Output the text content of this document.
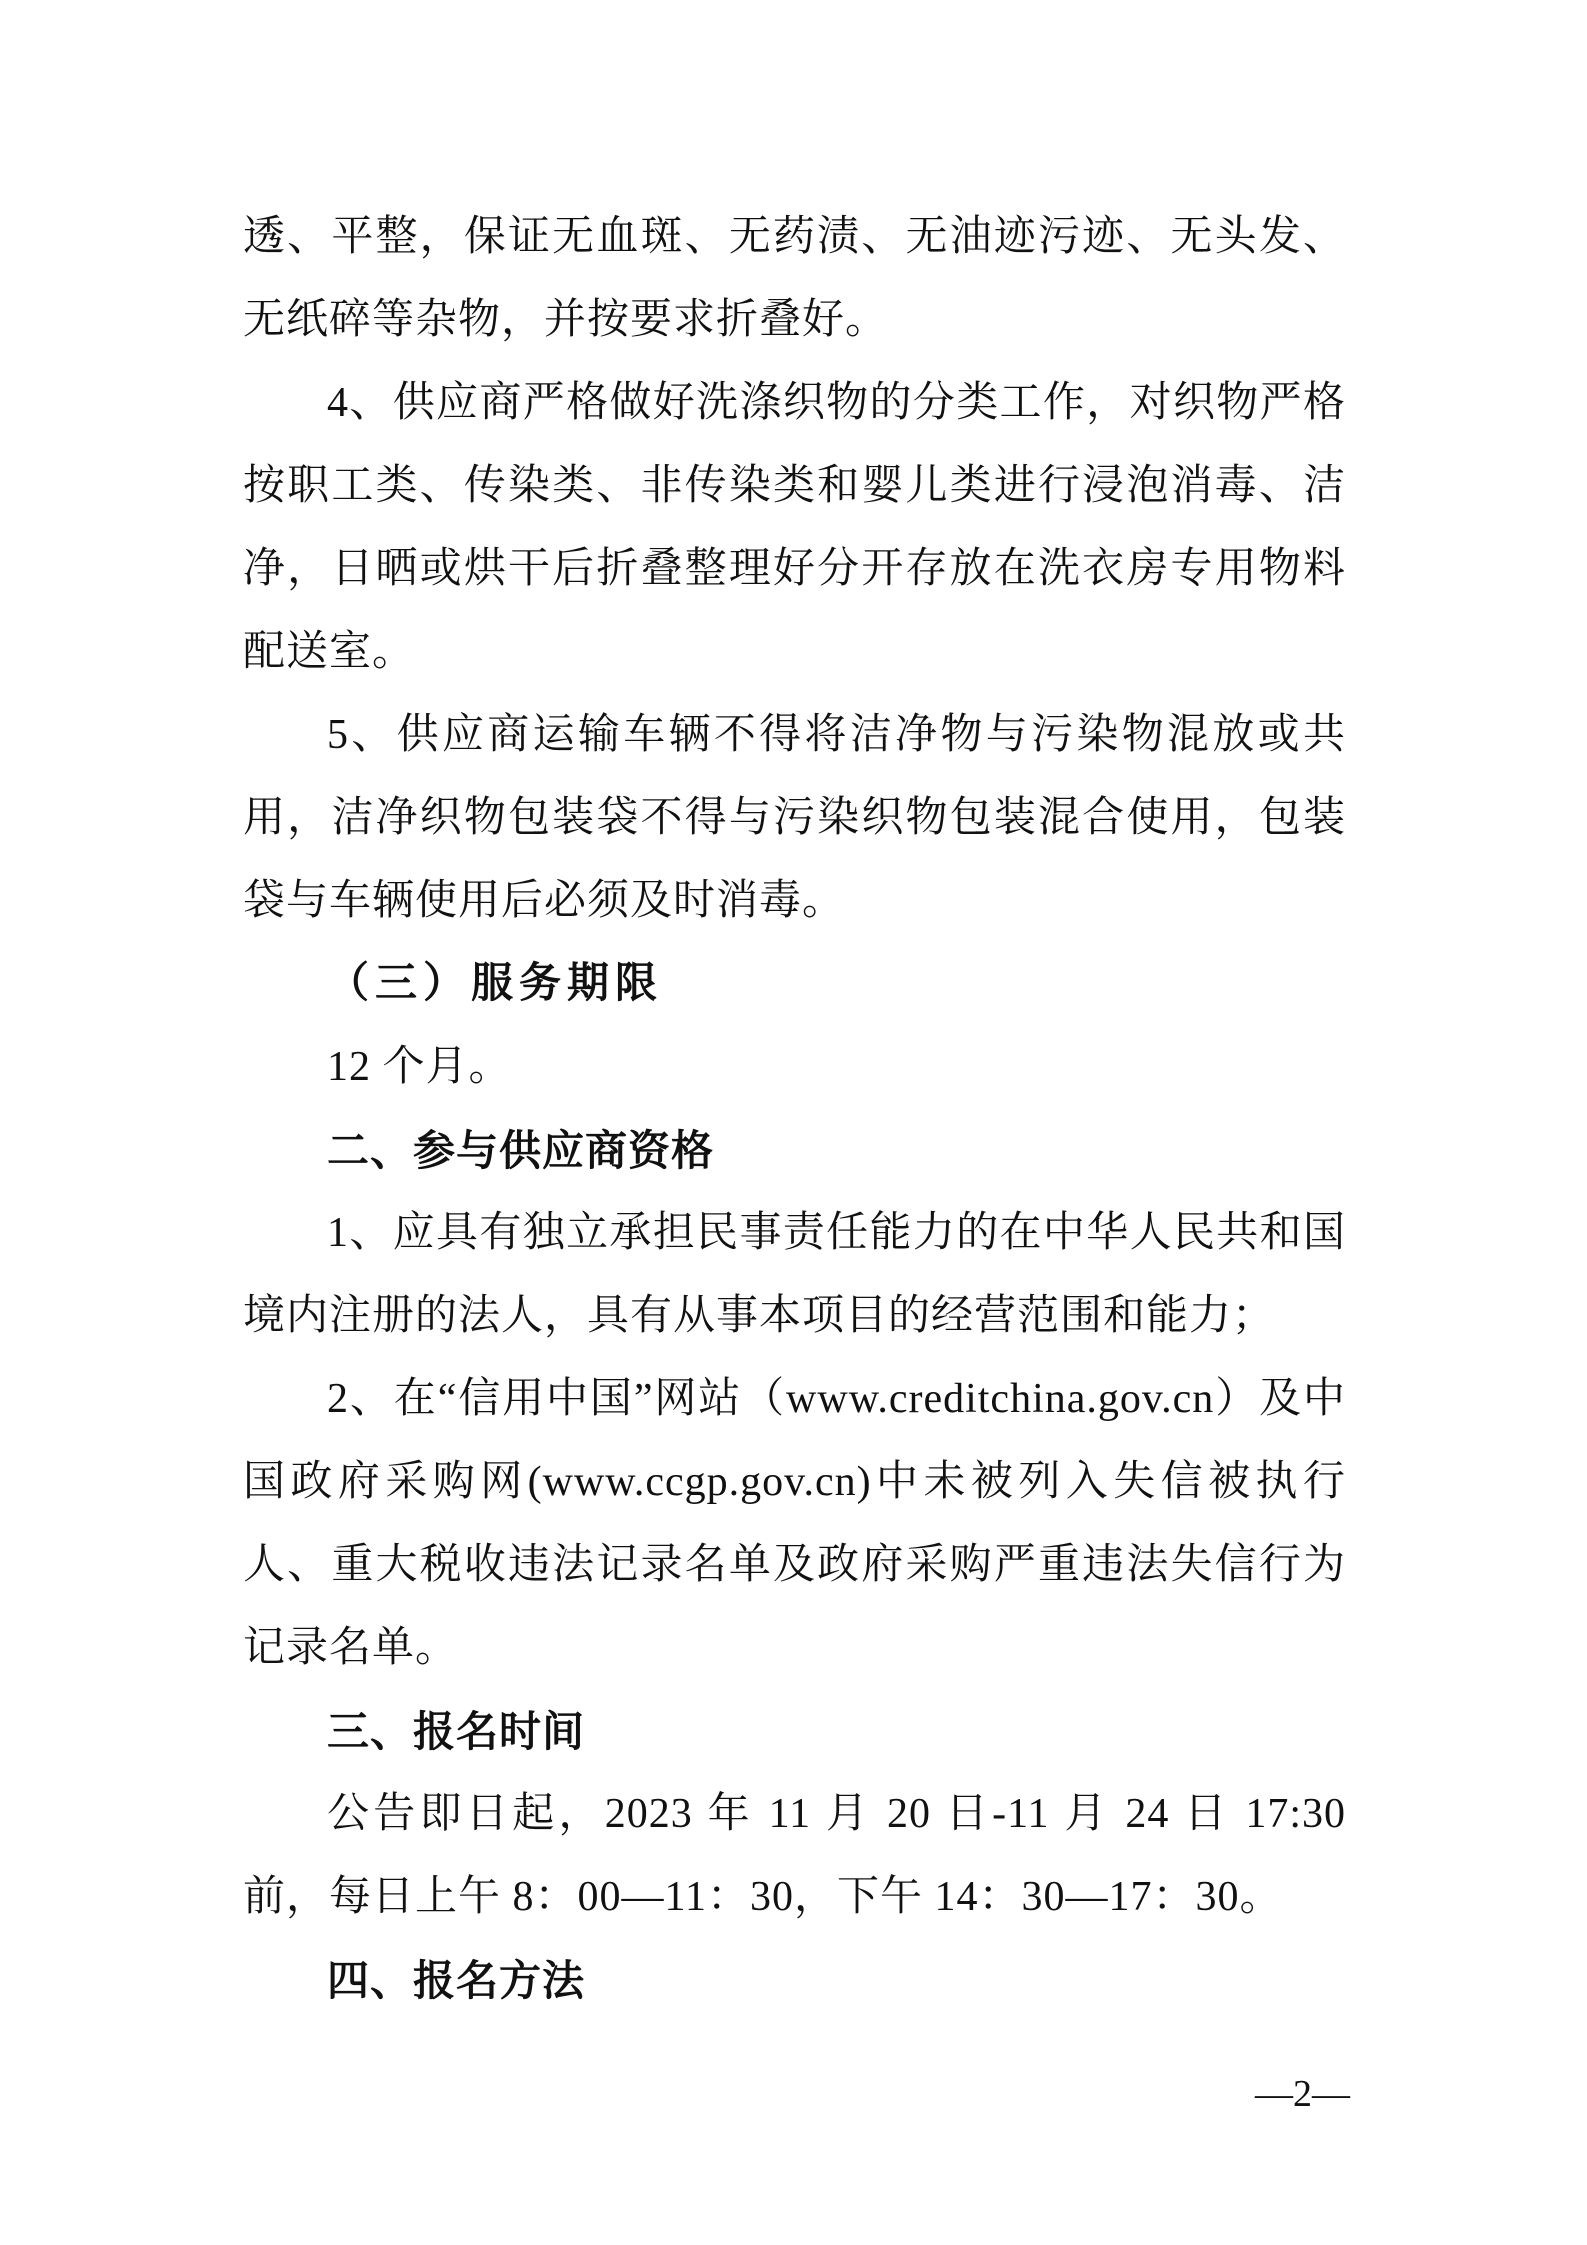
透、平整，保证无血斑、无药渍、无油迹污迹、无头发、无纸碎等杂物，并按要求折叠好。

4、供应商严格做好洗涤织物的分类工作，对织物严格按职工类、传染类、非传染类和婴儿类进行浸泡消毒、洁净，日晒或烘干后折叠整理好分开存放在洗衣房专用物料配送室。

5、供应商运输车辆不得将洁净物与污染物混放或共用，洁净织物包装袋不得与污染织物包装混合使用，包装袋与车辆使用后必须及时消毒。

（三）服务期限

12 个月。

二、参与供应商资格

1、应具有独立承担民事责任能力的在中华人民共和国境内注册的法人，具有从事本项目的经营范围和能力；

2、在“信用中国”网站（www.creditchina.gov.cn）及中国政府采购网(www.ccgp.gov.cn)中未被列入失信被执行人、重大税收违法记录名单及政府采购严重违法失信行为记录名单。

三、报名时间

公告即日起，2023 年 11 月 20 日-11 月 24 日 17:30 前，每日上午 8：00—11：30，下午 14：30—17：30。

四、报名方法

—2—
